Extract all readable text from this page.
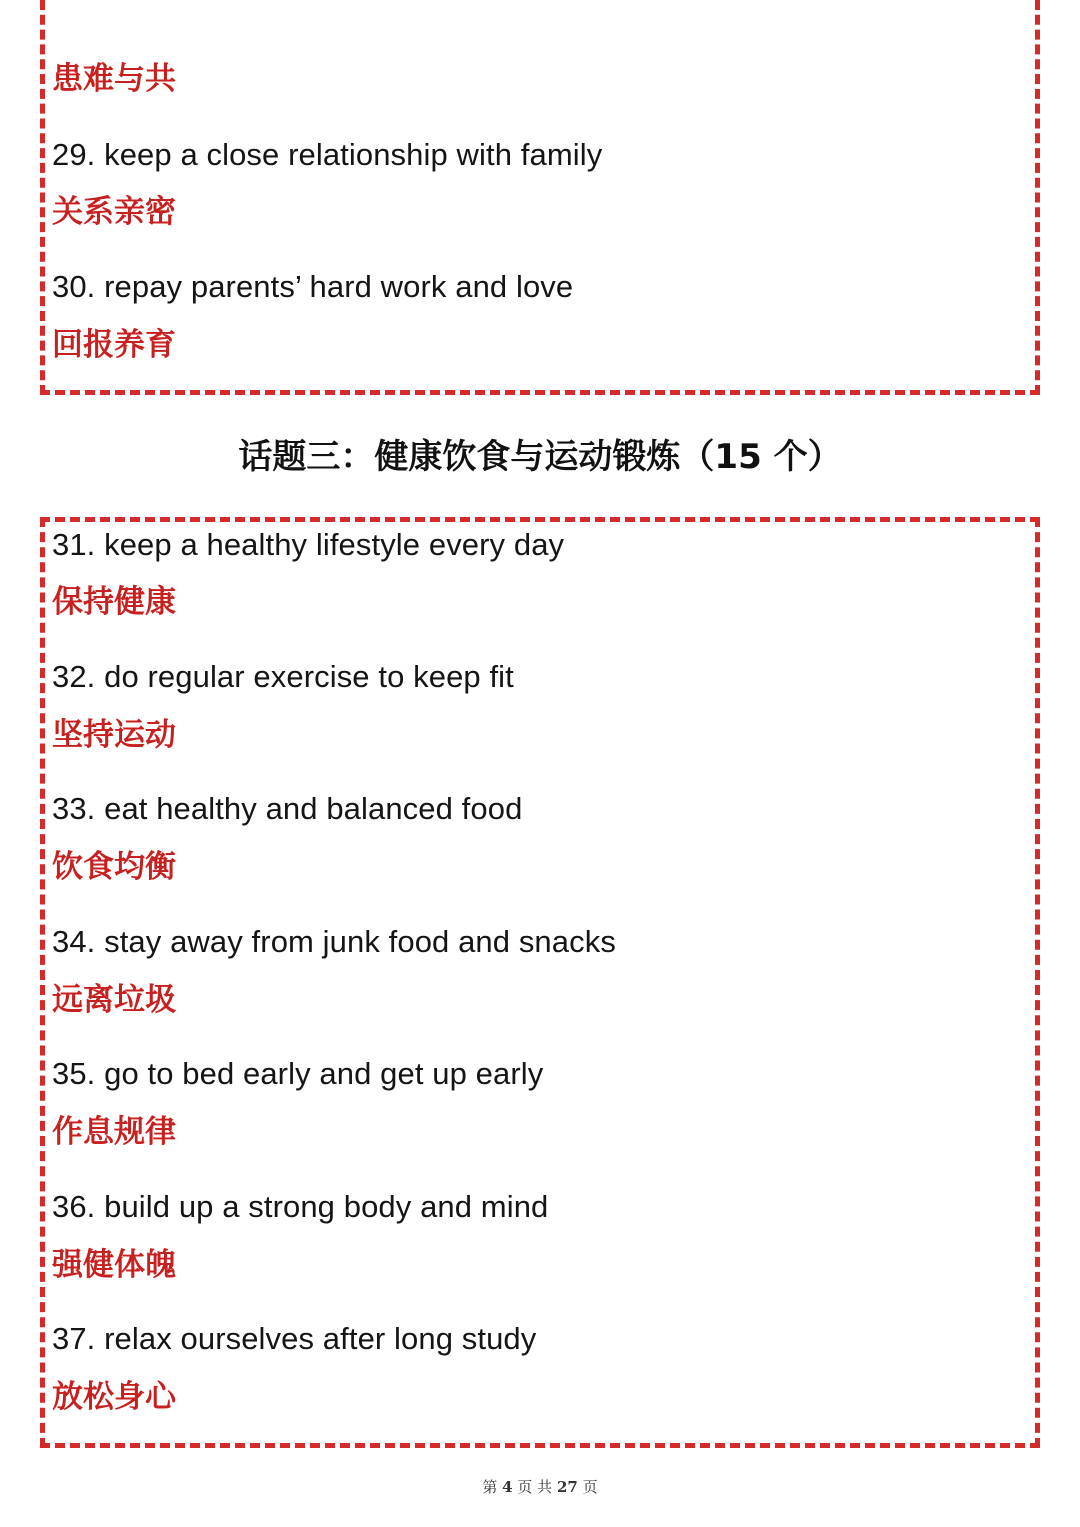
患难与共
29. keep a close relationship with family
关系亲密
30. repay parents’ hard work and love
回报养育
话题三：健康饮食与运动锻炼（15 个）
31. keep a healthy lifestyle every day
保持健康
32. do regular exercise to keep fit
坚持运动
33. eat healthy and balanced food
饮食均衡
34. stay away from junk food and snacks
远离垃圾
35. go to bed early and get up early
作息规律
36. build up a strong body and mind
强健体魄
37. relax ourselves after long study
放松身心
第 4 页 共 27 页
